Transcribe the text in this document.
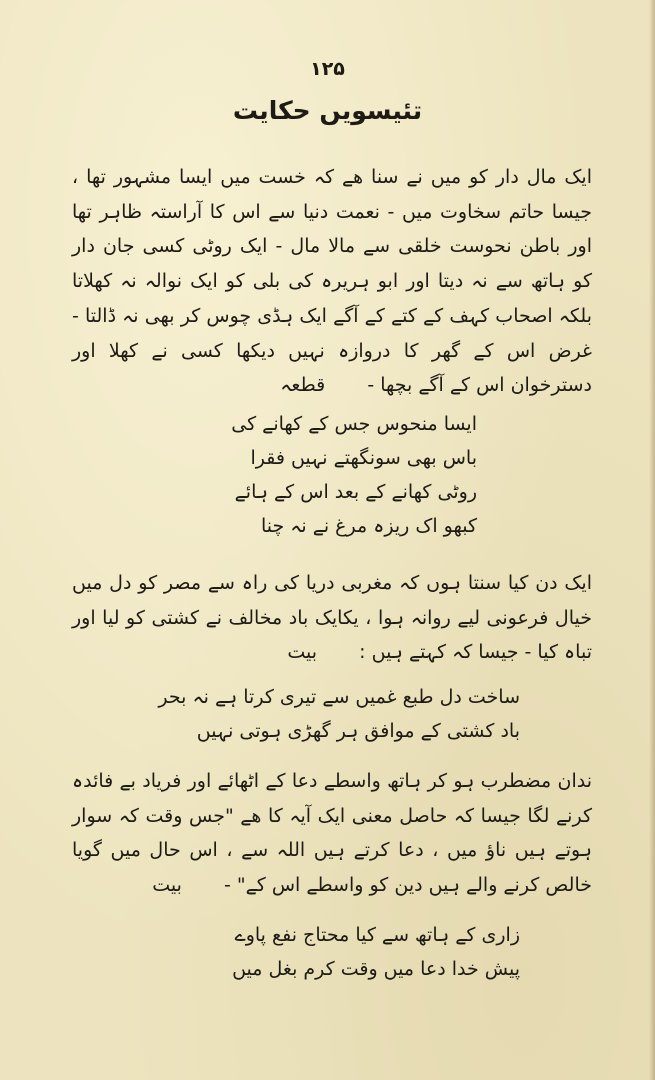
۱۲۵
تئیسویں حکایت
ایک مال دار کو میں نے سنا ھے کہ خست میں ایسا مشہور تھا ، جیسا حاتم سخاوت میں - نعمت دنیا سے اس کا آراستہ ظاہر تھا اور باطن نحوست خلقی سے مالا مال - ایک روٹی کسی جان دار کو ہاتھ سے نہ دیتا اور ابو ہریرہ کی بلی کو ایک نوالہ نہ کھلاتا بلکہ اصحاب کہف کے کتے کے آگے ایک ہڈی چوس کر بھی نہ ڈالتا - غرض اس کے گھر کا دروازہ نہیں دیکھا کسی نے کھلا اور دسترخوان اس کے آگے بچھا -  قطعہ
ایسا منحوس جس کے کھانے کی
باس بھی سونگھتے نہیں فقرا
روٹی کھانے کے بعد اس کے ہائے
کبھو اک ریزہ مرغ نے نہ چنا
ایک دن کیا سنتا ہوں کہ مغربی دریا کی راہ سے مصر کو دل میں خیال فرعونی لیے روانہ ہوا ، یکایک باد مخالف نے کشتی کو لیا اور تباہ کیا - جیسا کہ کہتے ہیں :  بیت
ساخت دل طبع غمیں سے تیری کرتا ہے نہ بحر
باد کشتی کے موافق ہر گھڑی ہوتی نہیں
ندان مضطرب ہو کر ہاتھ واسطے دعا کے اٹھائے اور فریاد بے فائدہ کرنے لگا جیسا کہ حاصل معنی ایک آیہ کا ھے "جس وقت کہ سوار ہوتے ہیں ناؤ میں ، دعا کرتے ہیں اللہ سے ، اس حال میں گویا خالص کرنے والے ہیں دین کو واسطے اس کے" -  بیت
زاری کے ہاتھ سے کیا محتاج نفع پاوے
پیش خدا دعا میں وقت کرم بغل میں
